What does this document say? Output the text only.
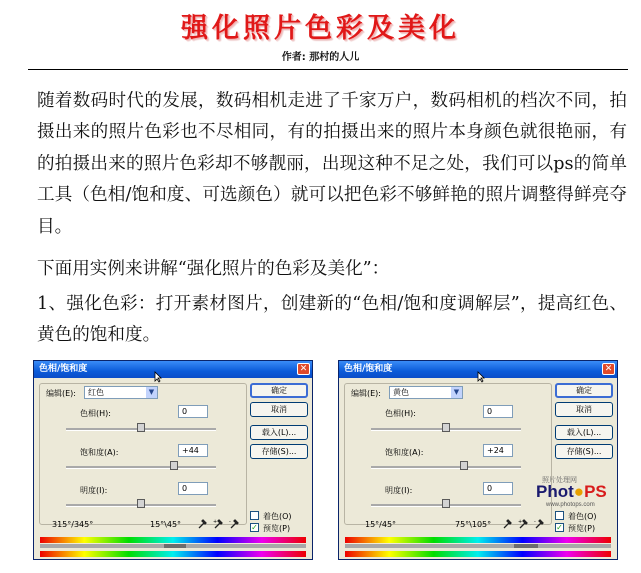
强化照片色彩及美化
作者: 那村的人儿

随着数码时代的发展，数码相机走进了千家万户，数码相机的档次不同，拍摄出来的照片色彩也不尽相同，有的拍摄出来的照片本身颜色就很艳丽，有的拍摄出来的照片色彩却不够靓丽，出现这种不足之处，我们可以ps的简单工具（色相/饱和度、可选颜色）就可以把色彩不够鲜艳的照片调整得鲜亮夺目。

下面用实例来讲解“强化照片的色彩及美化”：

1、强化色彩：打开素材图片，创建新的“色相/饱和度调解层”，提高红色、黄色的饱和度。

色相/饱和度	✕
编辑(E):	红色	▼
色相(H):	0
饱和度(A):	+44
明度(I):	0
确定
取消
载入(L)...
存储(S)...
着色(O)
✓ 预览(P)
315°/345°	15°\45°	+ -
色相/饱和度	✕
编辑(E):	黄色	▼
色相(H):	0
饱和度(A):	+24
明度(I):	0
确定
取消
载入(L)...
存储(S)...
着色(O)
✓ 预览(P)
15°/45°	75°\105°	+ -
照片处理网
Phot●PS
www.photops.com
